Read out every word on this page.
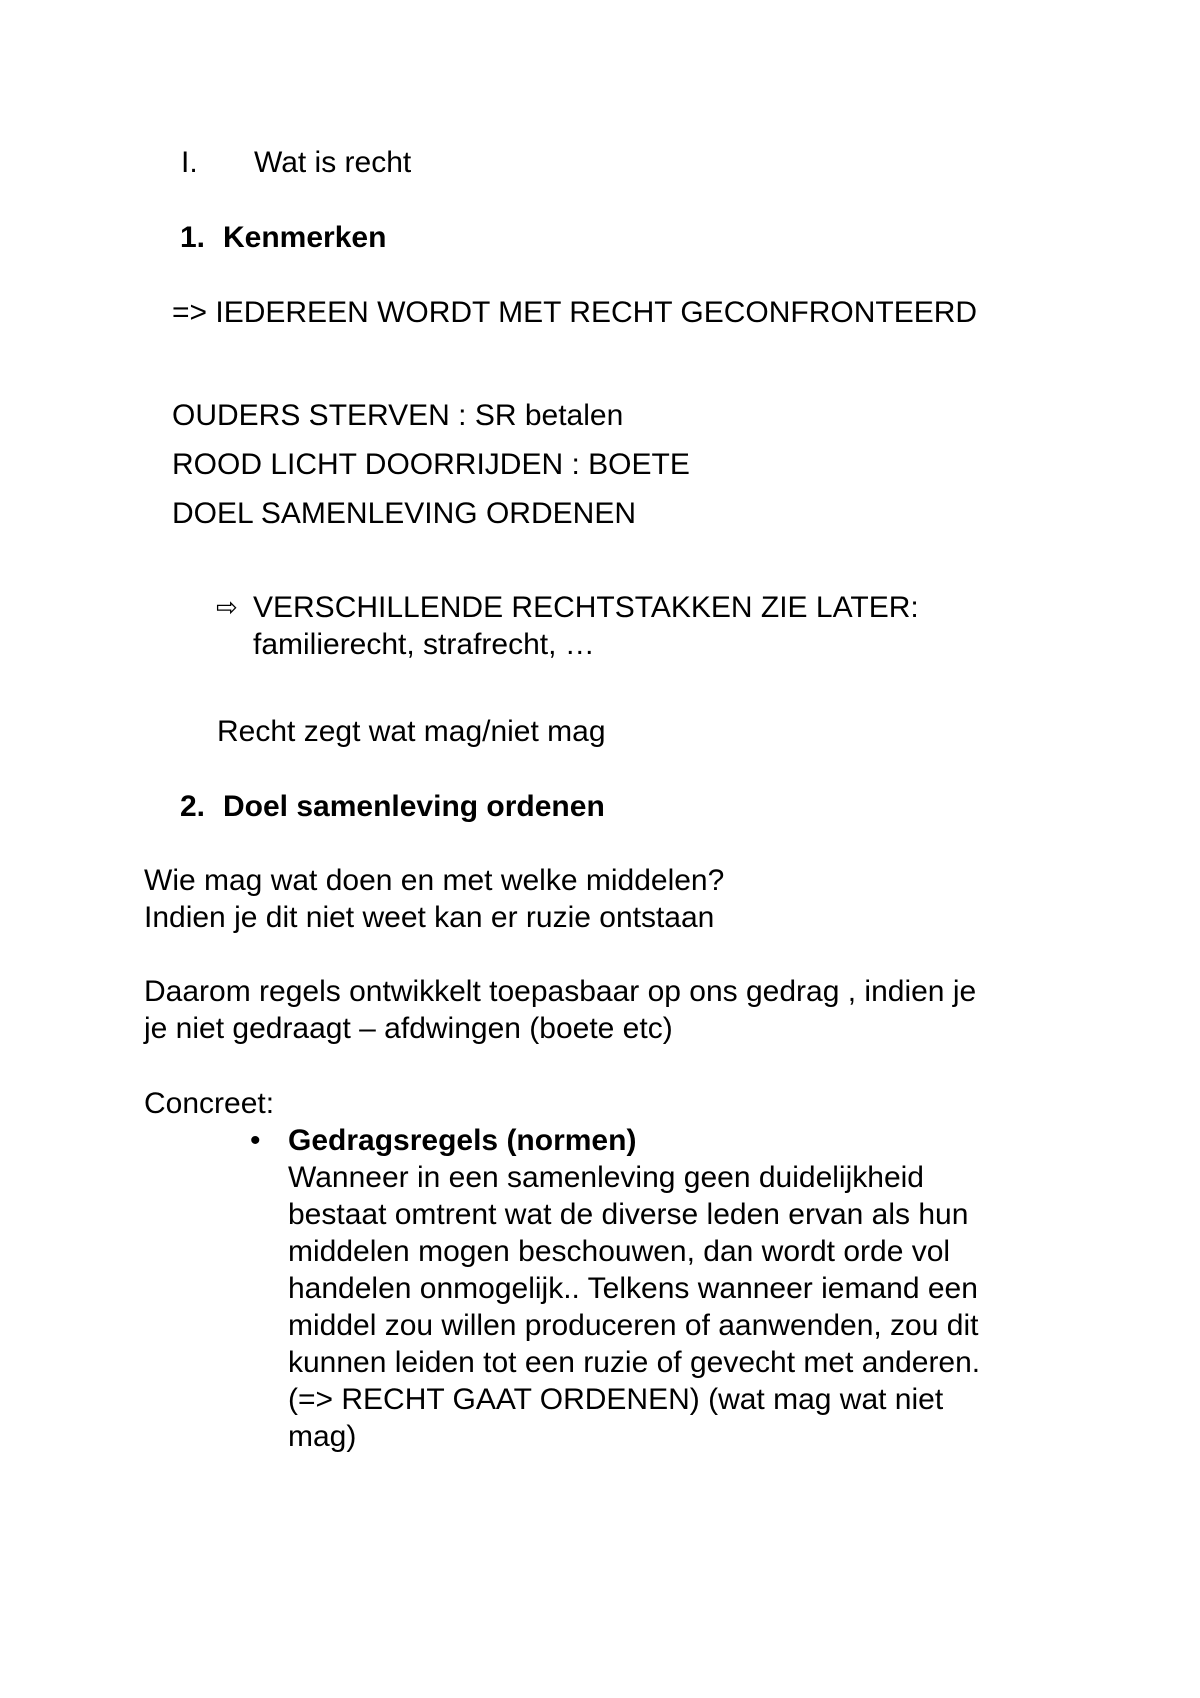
I. Wat is recht
1. Kenmerken
=> IEDEREEN WORDT MET RECHT GECONFRONTEERD
OUDERS STERVEN : SR betalen
ROOD LICHT DOORRIJDEN : BOETE
DOEL SAMENLEVING ORDENEN
⇨ VERSCHILLENDE RECHTSTAKKEN ZIE LATER:
familierecht, strafrecht, …
Recht zegt wat mag/niet mag
2. Doel samenleving ordenen
Wie mag wat doen en met welke middelen?
Indien je dit niet weet kan er ruzie ontstaan
Daarom regels ontwikkelt toepasbaar op ons gedrag , indien je
je niet gedraagt – afdwingen (boete etc)
Concreet:
• Gedragsregels (normen)
Wanneer in een samenleving geen duidelijkheid
bestaat omtrent wat de diverse leden ervan als hun
middelen mogen beschouwen, dan wordt orde vol
handelen onmogelijk.. Telkens wanneer iemand een
middel zou willen produceren of aanwenden, zou dit
kunnen leiden tot een ruzie of gevecht met anderen.
(=> RECHT GAAT ORDENEN) (wat mag wat niet
mag)
